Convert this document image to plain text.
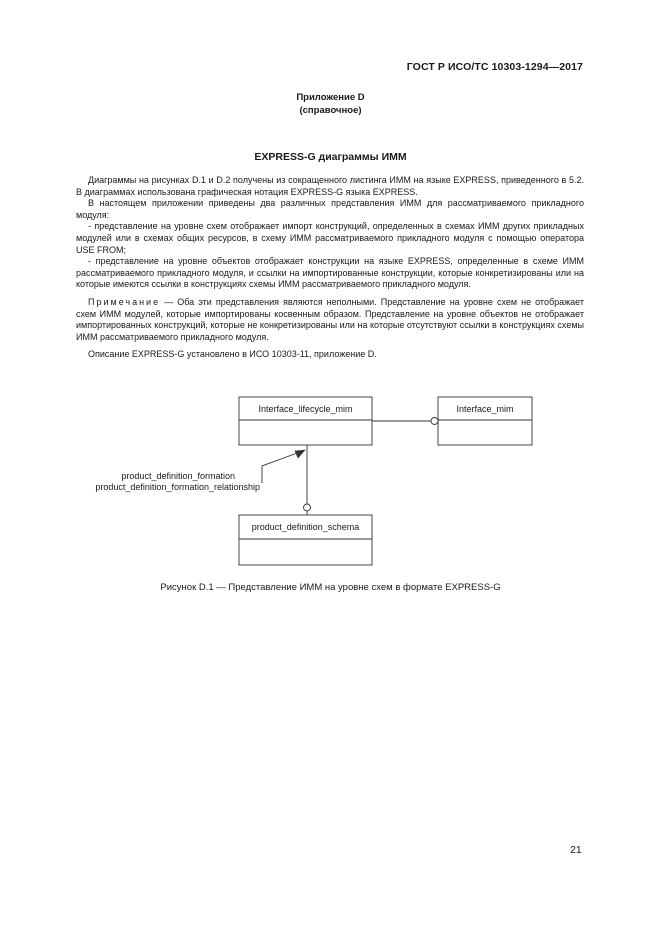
ГОСТ Р ИСО/ТС 10303-1294—2017
Приложение D
(справочное)
EXPRESS-G диаграммы ИММ

Диаграммы на рисунках D.1 и D.2 получены из сокращенного листинга ИММ на языке EXPRESS, приведенного в 5.2. В диаграммах использована графическая нотация EXPRESS-G языка EXPRESS.

В настоящем приложении приведены два различных представления ИММ для рассматриваемого прикладного модуля:

- представление на уровне схем отображает импорт конструкций, определенных в схемах ИММ других прикладных модулей или в схемах общих ресурсов, в схему ИММ рассматриваемого прикладного модуля с помощью оператора USE FROM;

- представление на уровне объектов отображает конструкции на языке EXPRESS, определенные в схеме ИММ рассматриваемого прикладного модуля, и ссылки на импортированные конструкции, которые конкретизированы или на которые имеются ссылки в конструкциях схемы ИММ рассматриваемого прикладного модуля.

Примечание — Оба эти представления являются неполными. Представление на уровне схем не отображает схем ИММ модулей, которые импортированы косвенным образом. Представление на уровне объектов не отображает импортированных конструкций, которые не конкретизированы или на которые отсутствуют ссылки в конструкциях схемы ИММ рассматриваемого прикладного модуля.

Описание EXPRESS-G установлено в ИСО 10303-11, приложение D.

Interface_lifecycle_mim	Interface_mim
product_definition_schema
product_definition_formation
product_definition_formation_relationship
Рисунок D.1 — Представление ИММ на уровне схем в формате EXPRESS-G
21
